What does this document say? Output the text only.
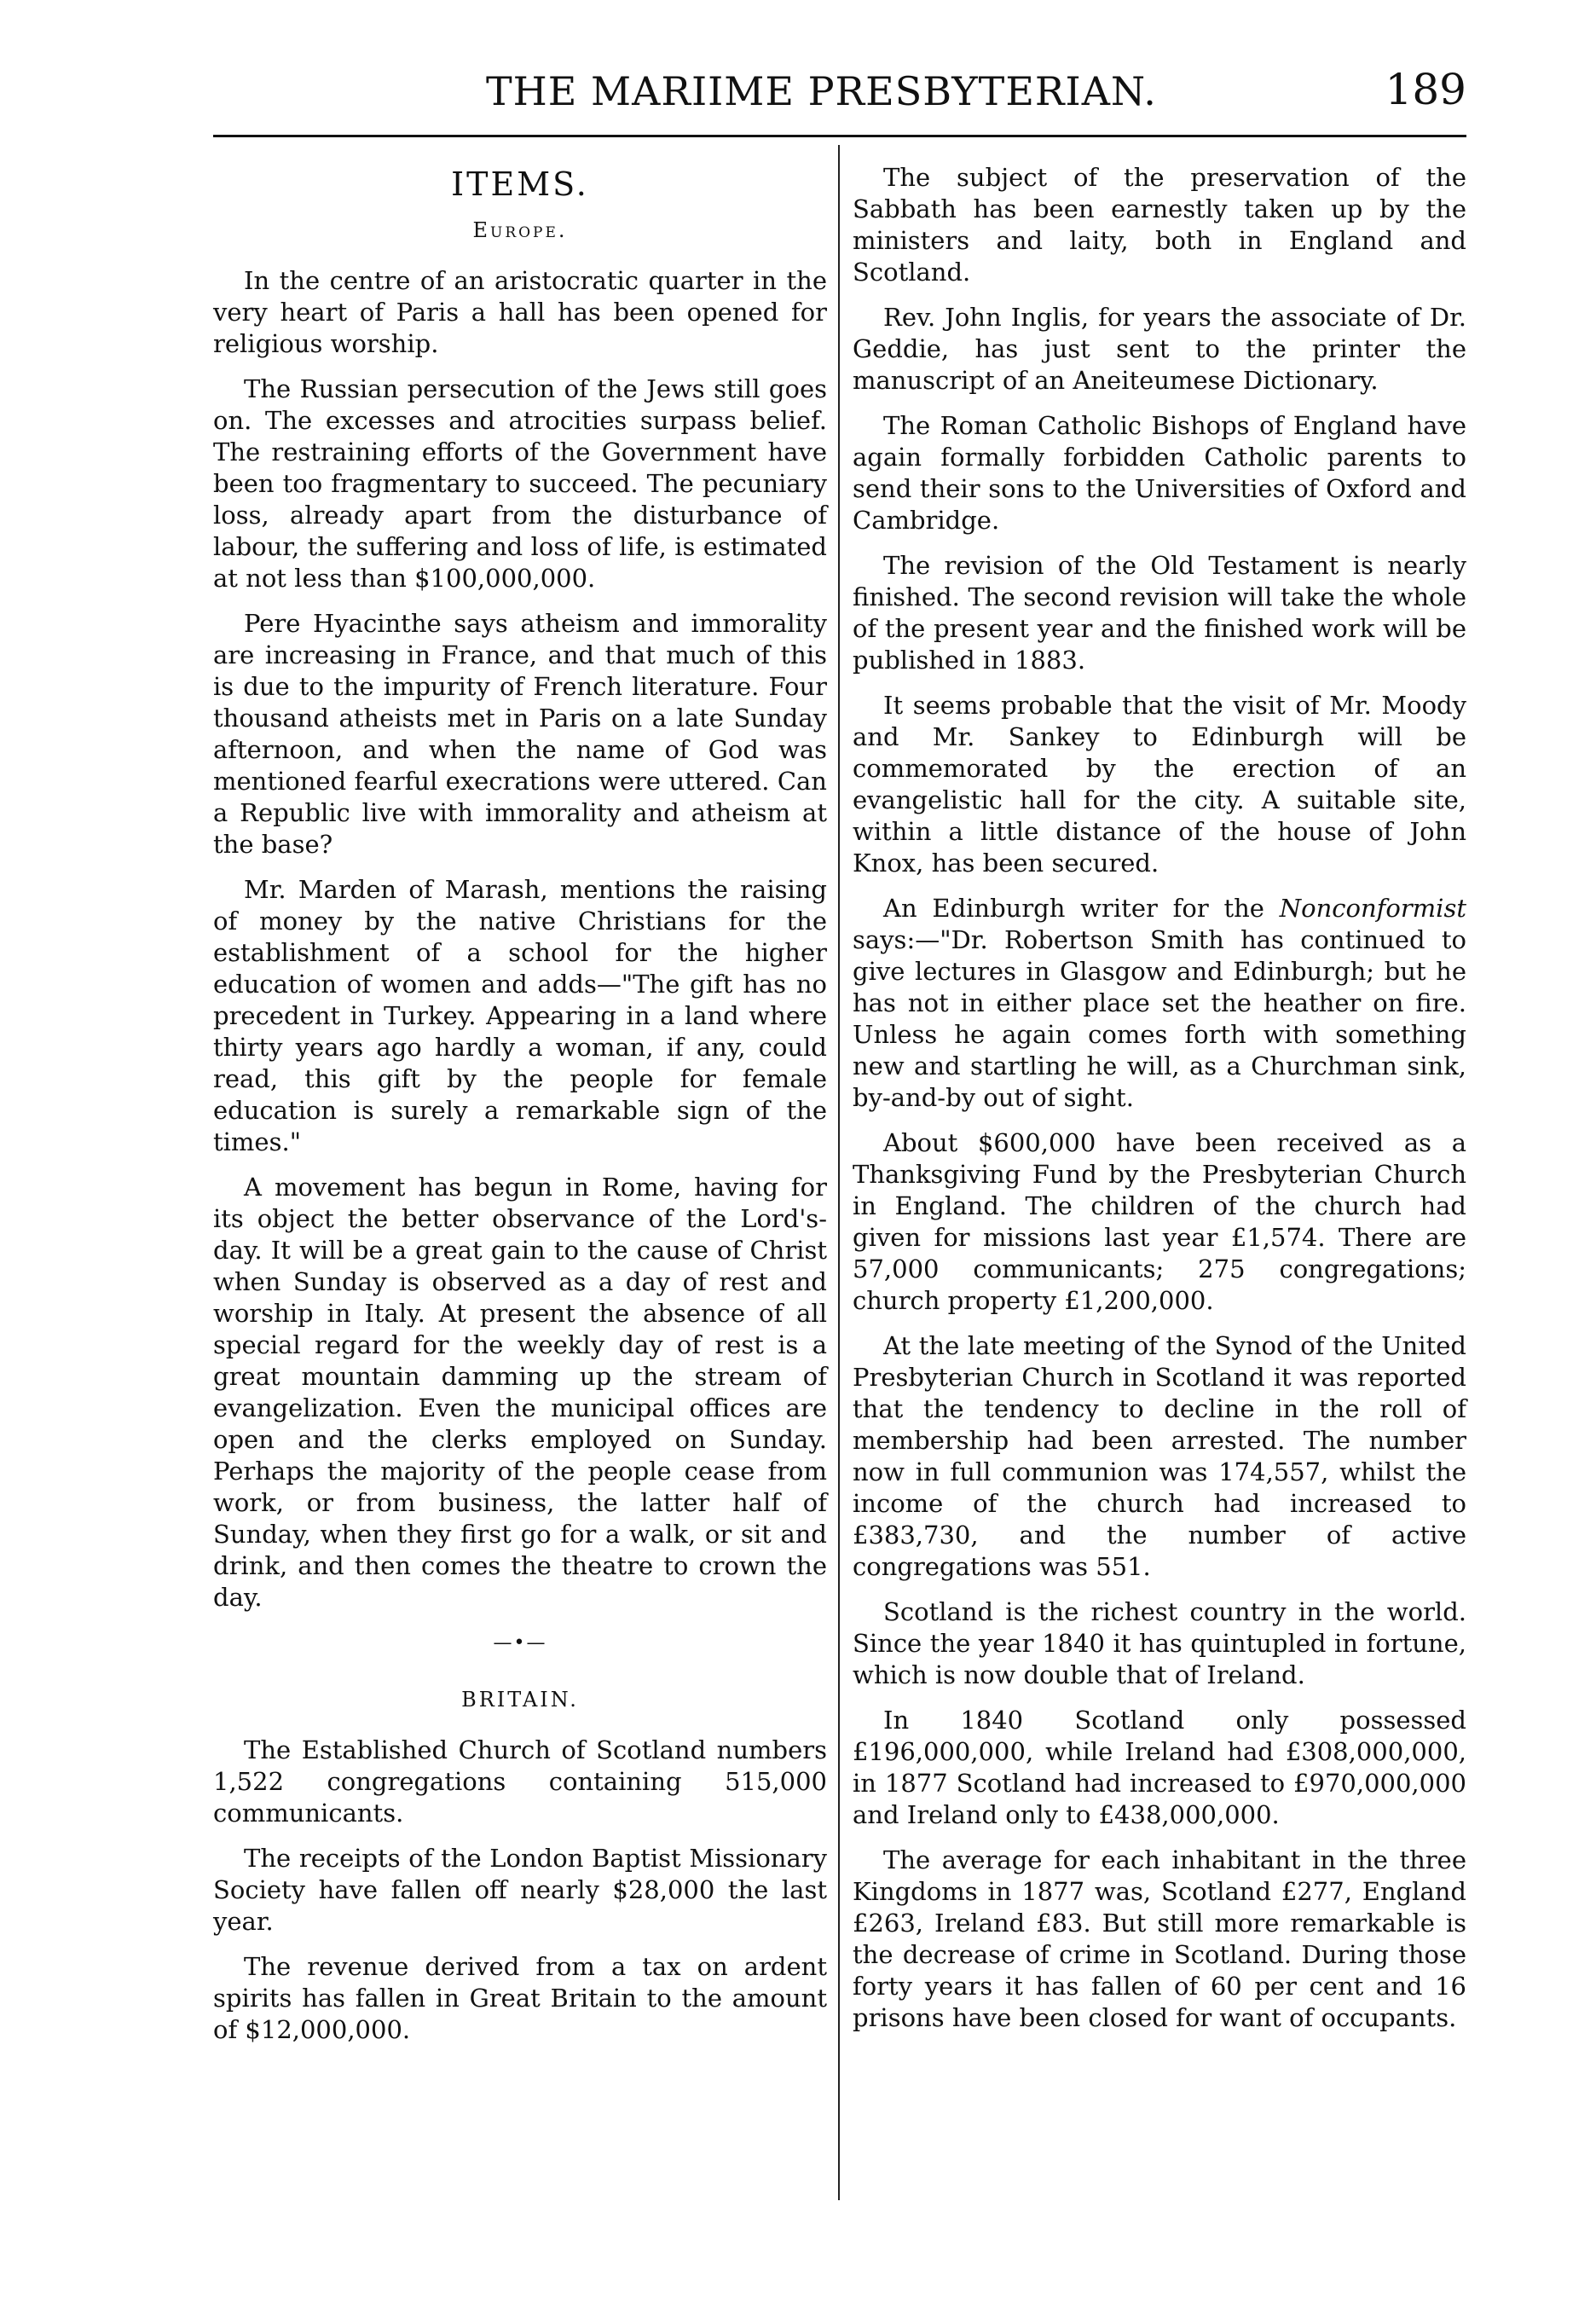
THE MARIIME PRESBYTERIAN.	189
ITEMS.
Europe.

In the centre of an aristocratic quarter in the very heart of Paris a hall has been opened for religious worship.

The Russian persecution of the Jews still goes on. The excesses and atrocities surpass belief. The restraining efforts of the Government have been too fragmentary to succeed. The pecuniary loss, already apart from the disturbance of labour, the suffering and loss of life, is estimated at not less than $100,000,000.

Pere Hyacinthe says atheism and immorality are increasing in France, and that much of this is due to the impurity of French literature. Four thousand atheists met in Paris on a late Sunday afternoon, and when the name of God was mentioned fearful execrations were uttered. Can a Republic live with immorality and atheism at the base?

Mr. Marden of Marash, mentions the raising of money by the native Christians for the establishment of a school for the higher education of women and adds—"The gift has no precedent in Turkey. Appearing in a land where thirty years ago hardly a woman, if any, could read, this gift by the people for female education is surely a remarkable sign of the times."

A movement has begun in Rome, having for its object the better observance of the Lord's-day. It will be a great gain to the cause of Christ when Sunday is observed as a day of rest and worship in Italy. At present the absence of all special regard for the weekly day of rest is a great mountain damming up the stream of evangelization. Even the municipal offices are open and the clerks employed on Sunday. Perhaps the majority of the people cease from work, or from business, the latter half of Sunday, when they first go for a walk, or sit and drink, and then comes the theatre to crown the day.

—•—
BRITAIN.

The Established Church of Scotland numbers 1,522 congregations containing 515,000 communicants.

The receipts of the London Baptist Missionary Society have fallen off nearly $28,000 the last year.

The revenue derived from a tax on ardent spirits has fallen in Great Britain to the amount of $12,000,000.

The subject of the preservation of the Sabbath has been earnestly taken up by the ministers and laity, both in England and Scotland.

Rev. John Inglis, for years the associate of Dr. Geddie, has just sent to the printer the manuscript of an Aneiteumese Dictionary.

The Roman Catholic Bishops of England have again formally forbidden Catholic parents to send their sons to the Universities of Oxford and Cambridge.

The revision of the Old Testament is nearly finished. The second revision will take the whole of the present year and the finished work will be published in 1883.

It seems probable that the visit of Mr. Moody and Mr. Sankey to Edinburgh will be commemorated by the erection of an evangelistic hall for the city. A suitable site, within a little distance of the house of John Knox, has been secured.

An Edinburgh writer for the Nonconformist says:—"Dr. Robertson Smith has continued to give lectures in Glasgow and Edinburgh; but he has not in either place set the heather on fire. Unless he again comes forth with something new and startling he will, as a Churchman sink, by-and-by out of sight.

About $600,000 have been received as a Thanksgiving Fund by the Presbyterian Church in England. The children of the church had given for missions last year £1,574. There are 57,000 communicants; 275 congregations; church property £1,200,000.

At the late meeting of the Synod of the United Presbyterian Church in Scotland it was reported that the tendency to decline in the roll of membership had been arrested. The number now in full communion was 174,557, whilst the income of the church had increased to £383,730, and the number of active congregations was 551.

Scotland is the richest country in the world. Since the year 1840 it has quintupled in fortune, which is now double that of Ireland.

In 1840 Scotland only possessed £196,000,000, while Ireland had £308,000,000, in 1877 Scotland had increased to £970,000,000 and Ireland only to £438,000,000.

The average for each inhabitant in the three Kingdoms in 1877 was, Scotland £277, England £263, Ireland £83. But still more remarkable is the decrease of crime in Scotland. During those forty years it has fallen of 60 per cent and 16 prisons have been closed for want of occupants.
